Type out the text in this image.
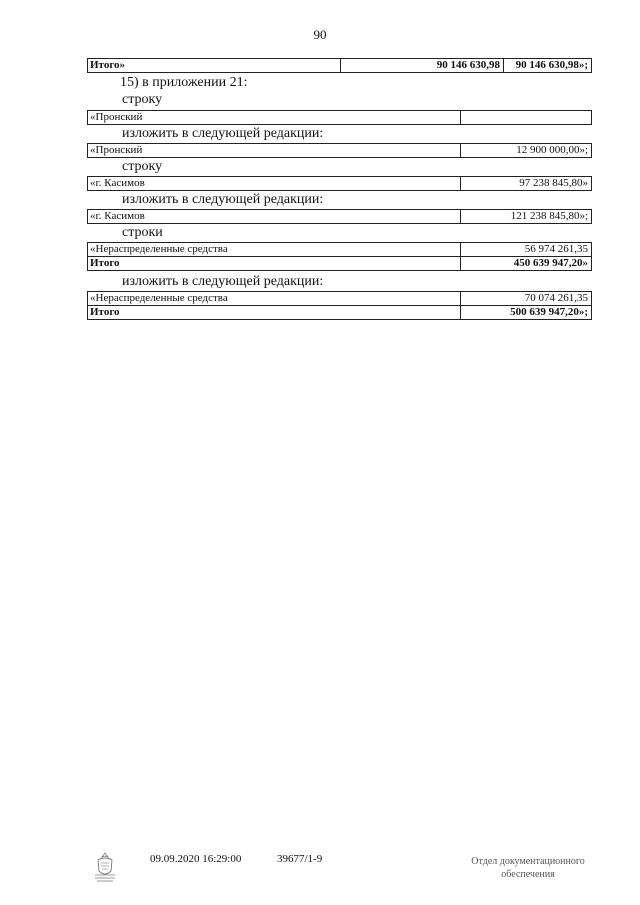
90
Итого»	90 146 630,98	90 146 630,98»;
15) в приложении 21:
строку
«Пронский
изложить в следующей редакции:
«Пронский	12 900 000,00»;
строку
«г. Касимов	97 238 845,80»
изложить в следующей редакции:
«г. Касимов	121 238 845,80»;
строки
«Нераспределенные средства	56 974 261,35
Итого	450 639 947,20»
изложить в следующей редакции:
«Нераспределенные средства	70 074 261,35
Итого	500 639 947,20»;
09.09.2020 16:29:00	39677/1-9	Отдел документационного
обеспечения
